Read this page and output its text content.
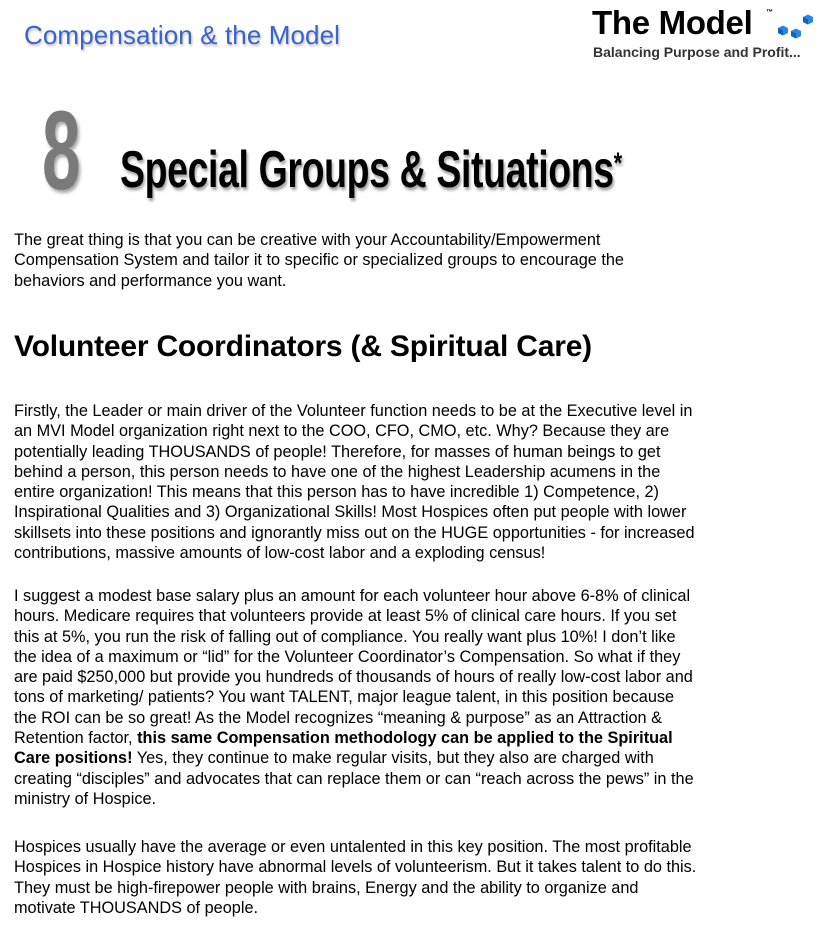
Compensation & the Model	The Model ™
Balancing Purpose and Profit...
8 Special Groups & Situations*
The great thing is that you can be creative with your Accountability/Empowerment
Compensation System and tailor it to specific or specialized groups to encourage the
behaviors and performance you want.
Volunteer Coordinators (& Spiritual Care)
Firstly, the Leader or main driver of the Volunteer function needs to be at the Executive level in
an MVI Model organization right next to the COO, CFO, CMO, etc. Why? Because they are
potentially leading THOUSANDS of people! Therefore, for masses of human beings to get
behind a person, this person needs to have one of the highest Leadership acumens in the
entire organization! This means that this person has to have incredible 1) Competence, 2)
Inspirational Qualities and 3) Organizational Skills! Most Hospices often put people with lower
skillsets into these positions and ignorantly miss out on the HUGE opportunities - for increased
contributions, massive amounts of low-cost labor and a exploding census!
I suggest a modest base salary plus an amount for each volunteer hour above 6-8% of clinical
hours. Medicare requires that volunteers provide at least 5% of clinical care hours. If you set
this at 5%, you run the risk of falling out of compliance. You really want plus 10%! I don’t like
the idea of a maximum or “lid” for the Volunteer Coordinator’s Compensation. So what if they
are paid $250,000 but provide you hundreds of thousands of hours of really low-cost labor and
tons of marketing/ patients? You want TALENT, major league talent, in this position because
the ROI can be so great! As the Model recognizes “meaning & purpose” as an Attraction &
Retention factor, this same Compensation methodology can be applied to the Spiritual
Care positions! Yes, they continue to make regular visits, but they also are charged with
creating “disciples” and advocates that can replace them or can “reach across the pews” in the
ministry of Hospice.
Hospices usually have the average or even untalented in this key position. The most profitable
Hospices in Hospice history have abnormal levels of volunteerism. But it takes talent to do this.
They must be high-firepower people with brains, Energy and the ability to organize and
motivate THOUSANDS of people.
